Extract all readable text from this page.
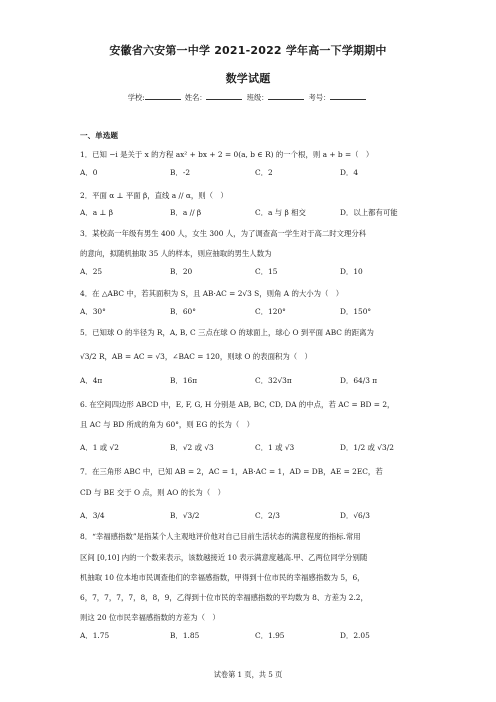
安徽省六安第一中学 2021-2022 学年高一下学期期中
数学试题
学校:	姓名：	班级：	考号：
一、单选题
1．已知 −i 是关于 x 的方程 ax² + bx + 2 = 0(a, b ∈ R) 的一个根，则 a + b =（　）
A．0	B．-2	C．2	D．4
2．平面 α ⊥ 平面 β，直线 a // α，则（　）
A．a ⊥ β	B．a // β	C．a 与 β 相交	D．以上都有可能
3．某校高一年级有男生 400 人，女生 300 人，为了调查高一学生对于高二时文理分科
的意向，拟随机抽取 35 人的样本，则应抽取的男生人数为
A．25	B．20	C．15	D．10
4．在 △ABC 中，若其面积为 S，且 AB·AC = 2√3 S，则角 A 的大小为（　）
A．30°	B．60°	C．120°	D．150°
5．已知球 O 的半径为 R，A, B, C 三点在球 O 的球面上，球心 O 到平面 ABC 的距离为
√3/2 R，AB = AC = √3，∠BAC = 120，则球 O 的表面积为（　）
A．4π	B．16π	C．32√3π	D．64/3 π
6. 在空间四边形 ABCD 中，E, F, G, H 分别是 AB, BC, CD, DA 的中点，若 AC = BD = 2，
且 AC 与 BD 所成的角为 60°，则 EG 的长为（　）
A．1 或 √2	B．√2 或 √3	C．1 或 √3	D．1/2 或 √3/2
7．在三角形 ABC 中，已知 AB = 2，AC = 1，AB·AC = 1，AD = DB，AE = 2EC，若
CD 与 BE 交于 O 点，则 AO 的长为（　）
A．3/4	B．√3/2	C．2/3	D．√6/3
8．“幸福感指数”是指某个人主观地评价他对自己目前生活状态的满意程度的指标.常用
区间 [0,10] 内的一个数来表示，该数越接近 10 表示满意度越高.甲、乙两位同学分别随
机抽取 10 位本地市民调查他们的幸福感指数，甲得到十位市民的幸福感指数为 5，6，
6，7，7，7，7，8，8，9，乙得到十位市民的幸福感指数的平均数为 8、方差为 2.2，
则这 20 位市民幸福感指数的方差为（　）
A．1.75	B．1.85	C．1.95	D．2.05
试卷第 1 页，共 5 页
